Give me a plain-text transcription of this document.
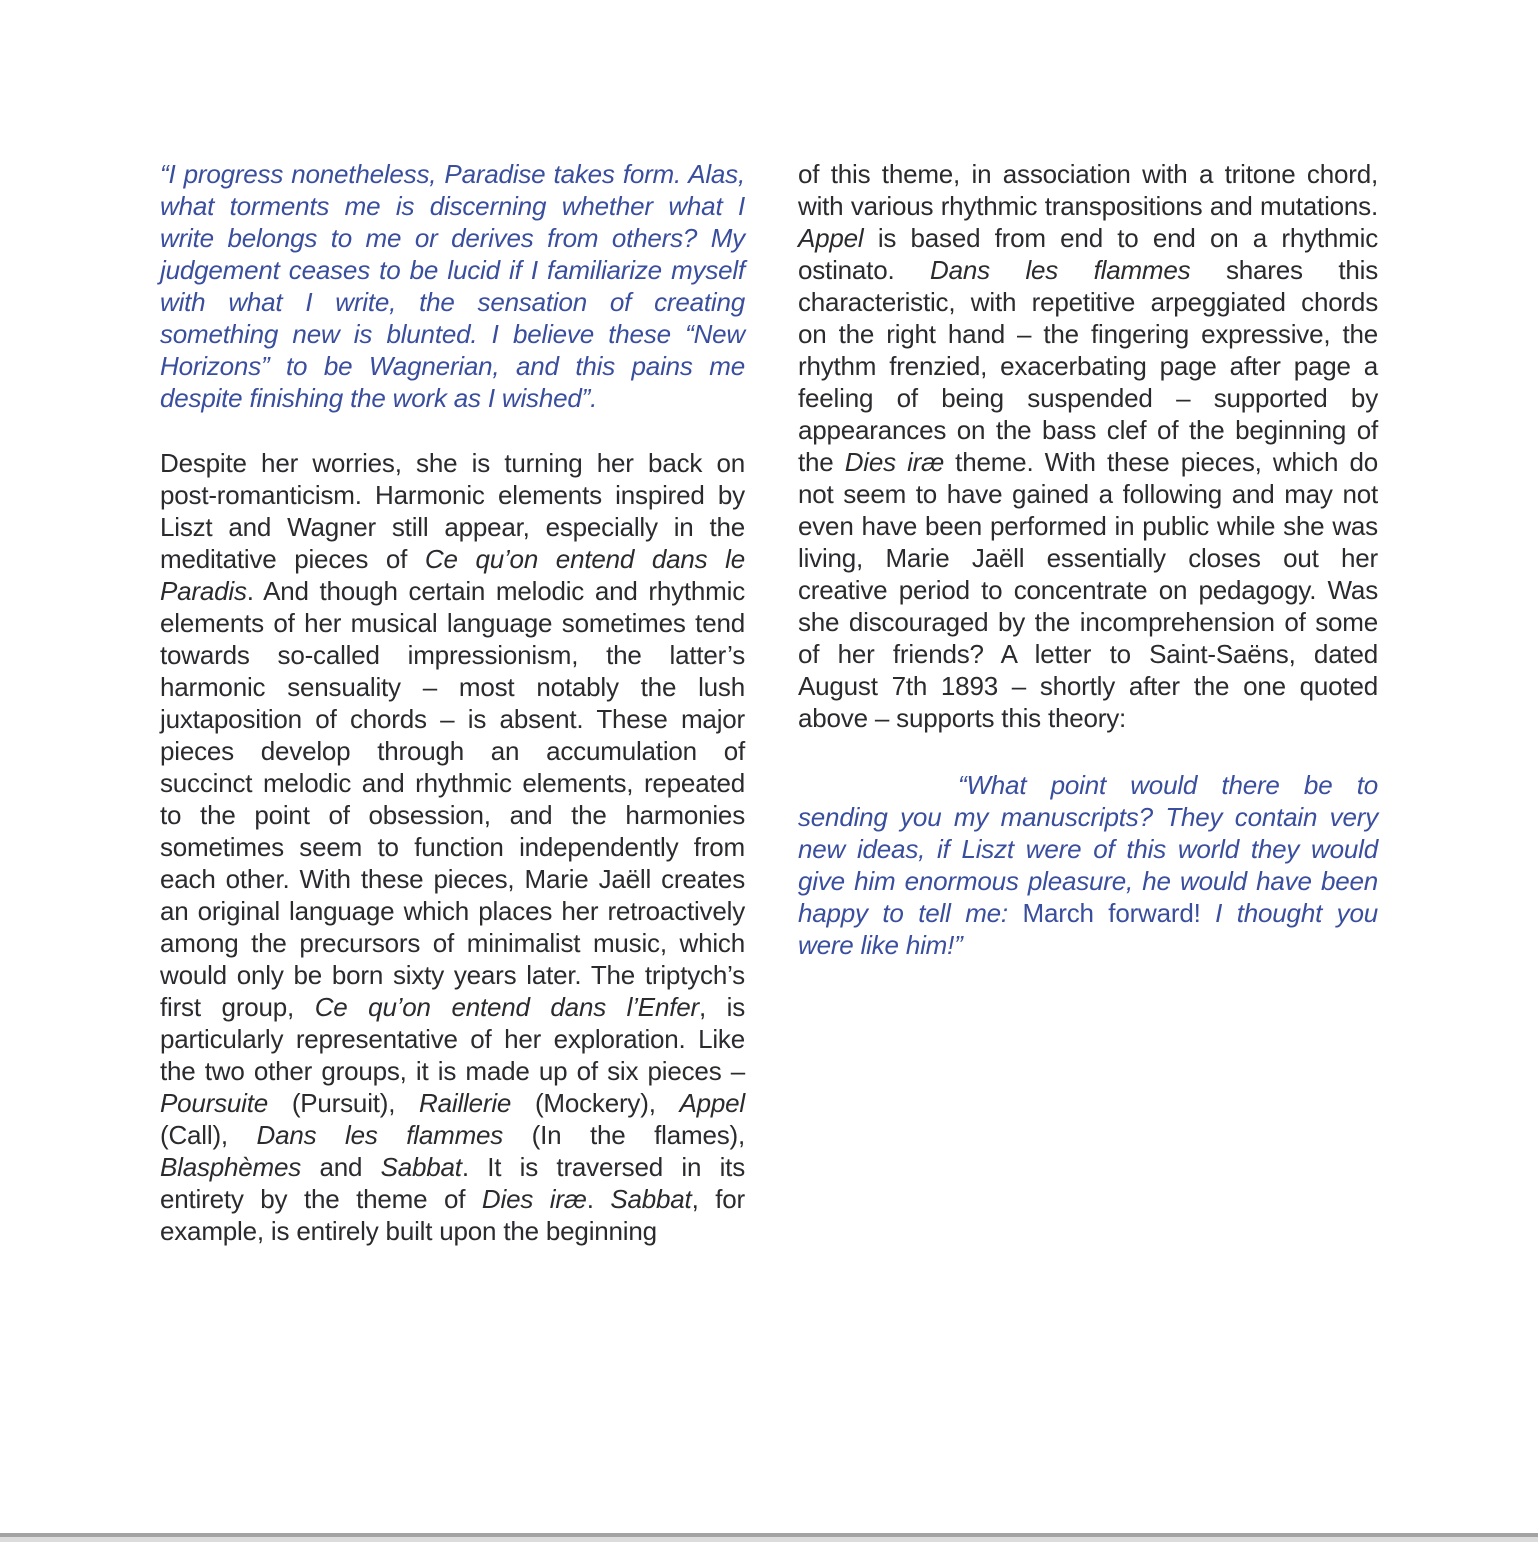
“I progress nonetheless, Paradise takes form. Alas, what torments me is discerning whether what I write belongs to me or derives from others? My judgement ceases to be lucid if I familiarize myself with what I write, the sensation of creating something new is blunted. I believe these “New Horizons” to be Wagnerian, and this pains me despite finishing the work as I wished”.

Despite her worries, she is turning her back on post-romanticism. Harmonic elements inspired by Liszt and Wagner still appear, especially in the meditative pieces of Ce qu’on entend dans le Paradis. And though certain melodic and rhythmic elements of her musical language sometimes tend towards so-called impressionism, the latter’s harmonic sensuality – most notably the lush juxtaposition of chords – is absent. These major pieces develop through an accumulation of succinct melodic and rhythmic elements, repeated to the point of obsession, and the harmonies sometimes seem to function independently from each other. With these pieces, Marie Jaëll creates an original language which places her retroactively among the precursors of minimalist music, which would only be born sixty years later. The triptych’s first group, Ce qu’on entend dans l’Enfer, is particularly representative of her exploration. Like the two other groups, it is made up of six pieces – Poursuite (Pursuit), Raillerie (Mockery), Appel (Call), Dans les flammes (In the flames), Blasphèmes and Sabbat. It is traversed in its entirety by the theme of Dies iræ. Sabbat, for example, is entirely built upon the beginning

of this theme, in association with a tritone chord, with various rhythmic transpositions and mutations. Appel is based from end to end on a rhythmic ostinato. Dans les flammes shares this characteristic, with repetitive arpeggiated chords on the right hand – the fingering expressive, the rhythm frenzied, exacerbating page after page a feeling of being suspended – supported by appearances on the bass clef of the beginning of the Dies iræ theme. With these pieces, which do not seem to have gained a following and may not even have been performed in public while she was living, Marie Jaëll essentially closes out her creative period to concentrate on pedagogy. Was she discouraged by the incomprehension of some of her friends? A letter to Saint-Saëns, dated August 7th 1893 – shortly after the one quoted above – supports this theory:

“What point would there be to sending you my manuscripts? They contain very new ideas, if Liszt were of this world they would give him enormous pleasure, he would have been happy to tell me: March forward! I thought you were like him!”
